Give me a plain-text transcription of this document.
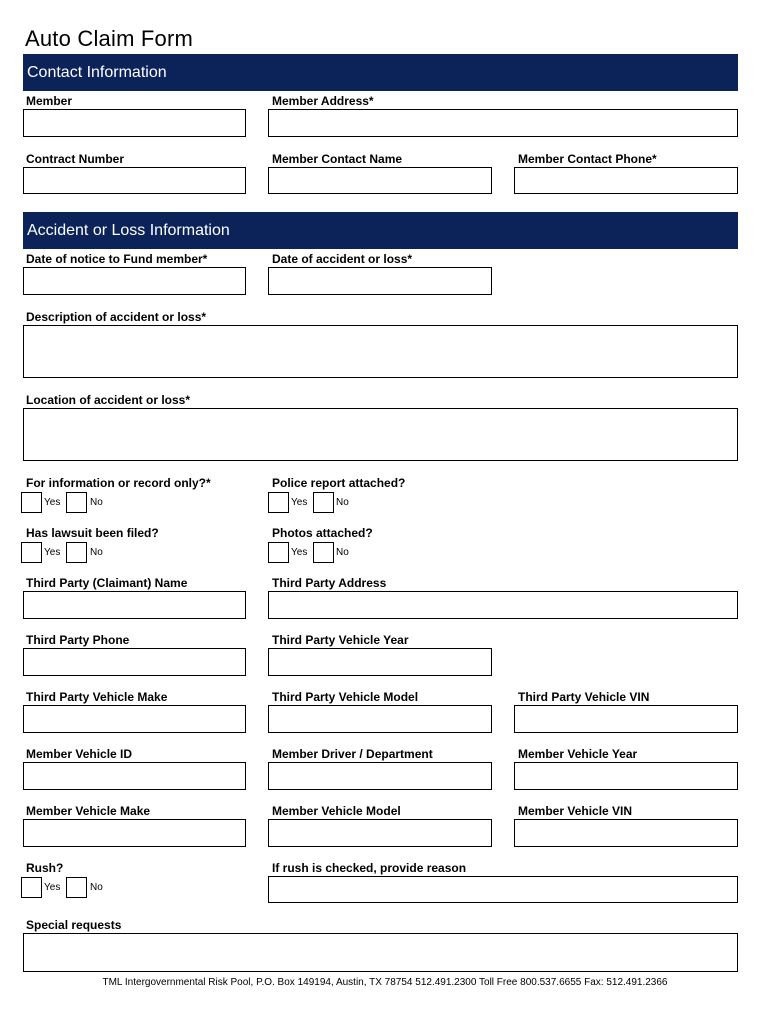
Auto Claim Form
Contact Information
Member	Member Address*
Contract Number	Member Contact Name	Member Contact Phone*
Accident or Loss Information
Date of notice to Fund member*	Date of accident or loss*
Description of accident or loss*
Location of accident or loss*
For information or record only?*	Police report attached?
Yes	No	Yes	No
Has lawsuit been filed?	Photos attached?
Yes	No	Yes	No
Third Party (Claimant) Name	Third Party Address
Third Party Phone	Third Party Vehicle Year
Third Party Vehicle Make	Third Party Vehicle Model	Third Party Vehicle VIN
Member Vehicle ID	Member Driver / Department	Member Vehicle Year
Member Vehicle Make	Member Vehicle Model	Member Vehicle VIN
Rush?	If rush is checked, provide reason
Yes	No
Special requests
TML Intergovernmental Risk Pool, P.O. Box 149194, Austin, TX 78754 512.491.2300 Toll Free 800.537.6655 Fax: 512.491.2366
